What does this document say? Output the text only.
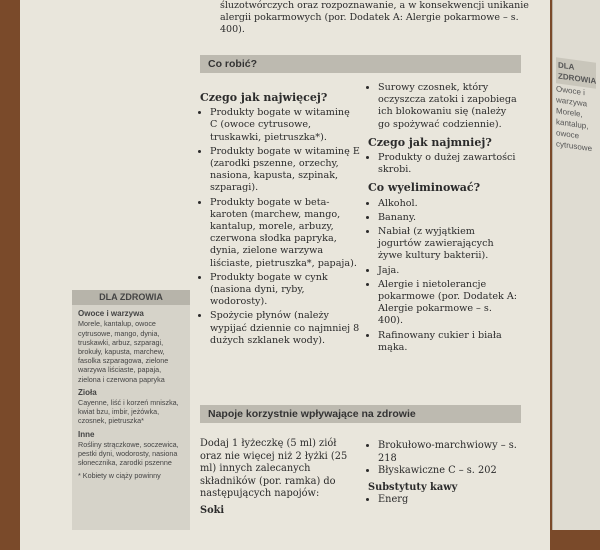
DLA ZDROWIA
Owoce i warzywa
Morele, kantalup, owoce cytrusowe
śluzotwórczych oraz rozpoznawanie, a w konsekwencji unikanie
alergii pokarmowych (por. Dodatek A: Alergie pokarmowe – s. 400).
Co robić?
Czego jak najwięcej?
• Produkty bogate w witaminę C (owoce cytrusowe, truskawki, pietruszka*).
• Produkty bogate w witaminę E (zarodki pszenne, orzechy, nasiona, kapusta, szpinak, szparagi).
• Produkty bogate w beta-karoten (marchew, mango, kantalup, morele, arbuzy, czerwona słodka papryka, dynia, zielone warzywa liściaste, pietruszka*, papaja).
• Produkty bogate w cynk (nasiona dyni, ryby, wodorosty).
• Spożycie płynów (należy wypijać dziennie co najmniej 8 dużych szklanek wody).
• Surowy czosnek, który oczyszcza zatoki i zapobiega ich blokowaniu się (należy go spożywać codziennie).
Czego jak najmniej?
• Produkty o dużej zawartości skrobi.
Co wyeliminować?
• Alkohol.
• Banany.
• Nabiał (z wyjątkiem jogurtów zawierających żywe kultury bakterii).
• Jaja.
• Alergie i nietolerancje pokarmowe (por. Dodatek A: Alergie pokarmowe – s. 400).
• Rafinowany cukier i biała mąka.
DLA ZDROWIA
Owoce i warzywa
Morele, kantalup, owoce cytrusowe, mango, dynia, truskawki, arbuz, szparagi, brokuły, kapusta, marchew, fasolka szparagowa, zielone warzywa liściaste, papaja, zielona i czerwona papryka
Zioła
Cayenne, liść i korzeń mniszka, kwiat bzu, imbir, jeżówka, czosnek, pietruszka*
Inne
Rośliny strączkowe, soczewica, pestki dyni, wodorosty, nasiona słonecznika, zarodki pszenne
* Kobiety w ciąży powinny
Napoje korzystnie wpływające na zdrowie
Dodaj 1 łyżeczkę (5 ml) ziół oraz nie więcej niż 2 łyżki (25 ml) innych zalecanych składników (por. ramka) do następujących napojów:
Soki
• Brokułowo-marchwiowy – s. 218
• Błyskawiczne C – s. 202
Substytuty kawy
• Energ
